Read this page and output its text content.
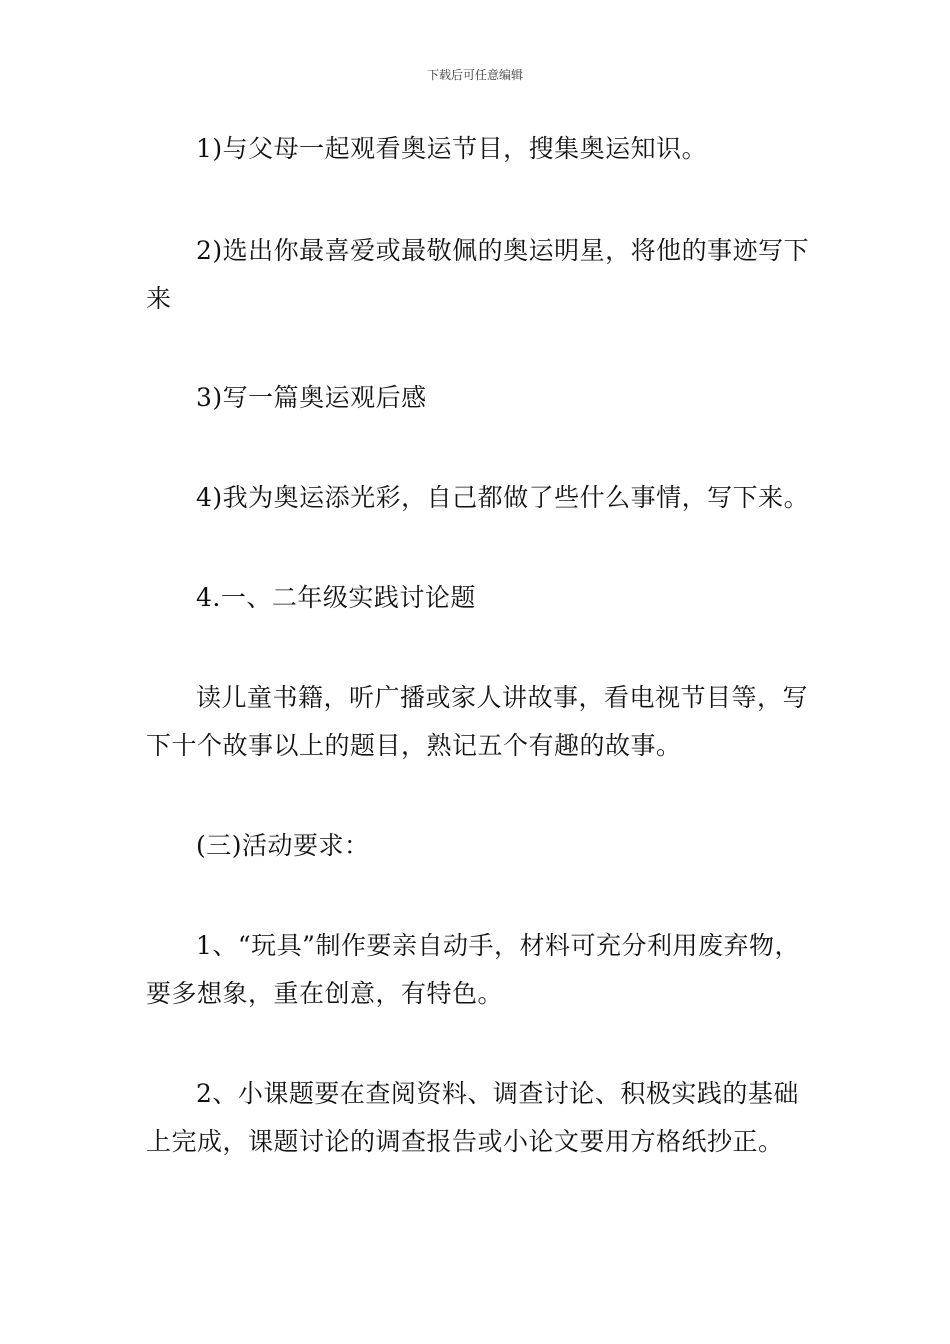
下载后可任意编辑

1)与父母一起观看奥运节目，搜集奥运知识。

2)选出你最喜爱或最敬佩的奥运明星，将他的事迹写下来

3)写一篇奥运观后感

4)我为奥运添光彩，自己都做了些什么事情，写下来。

4.一、二年级实践讨论题

读儿童书籍，听广播或家人讲故事，看电视节目等，写下十个故事以上的题目，熟记五个有趣的故事。

(三)活动要求：

1、“玩具”制作要亲自动手，材料可充分利用废弃物，要多想象，重在创意，有特色。

2、小课题要在查阅资料、调查讨论、积极实践的基础上完成，课题讨论的调查报告或小论文要用方格纸抄正。
